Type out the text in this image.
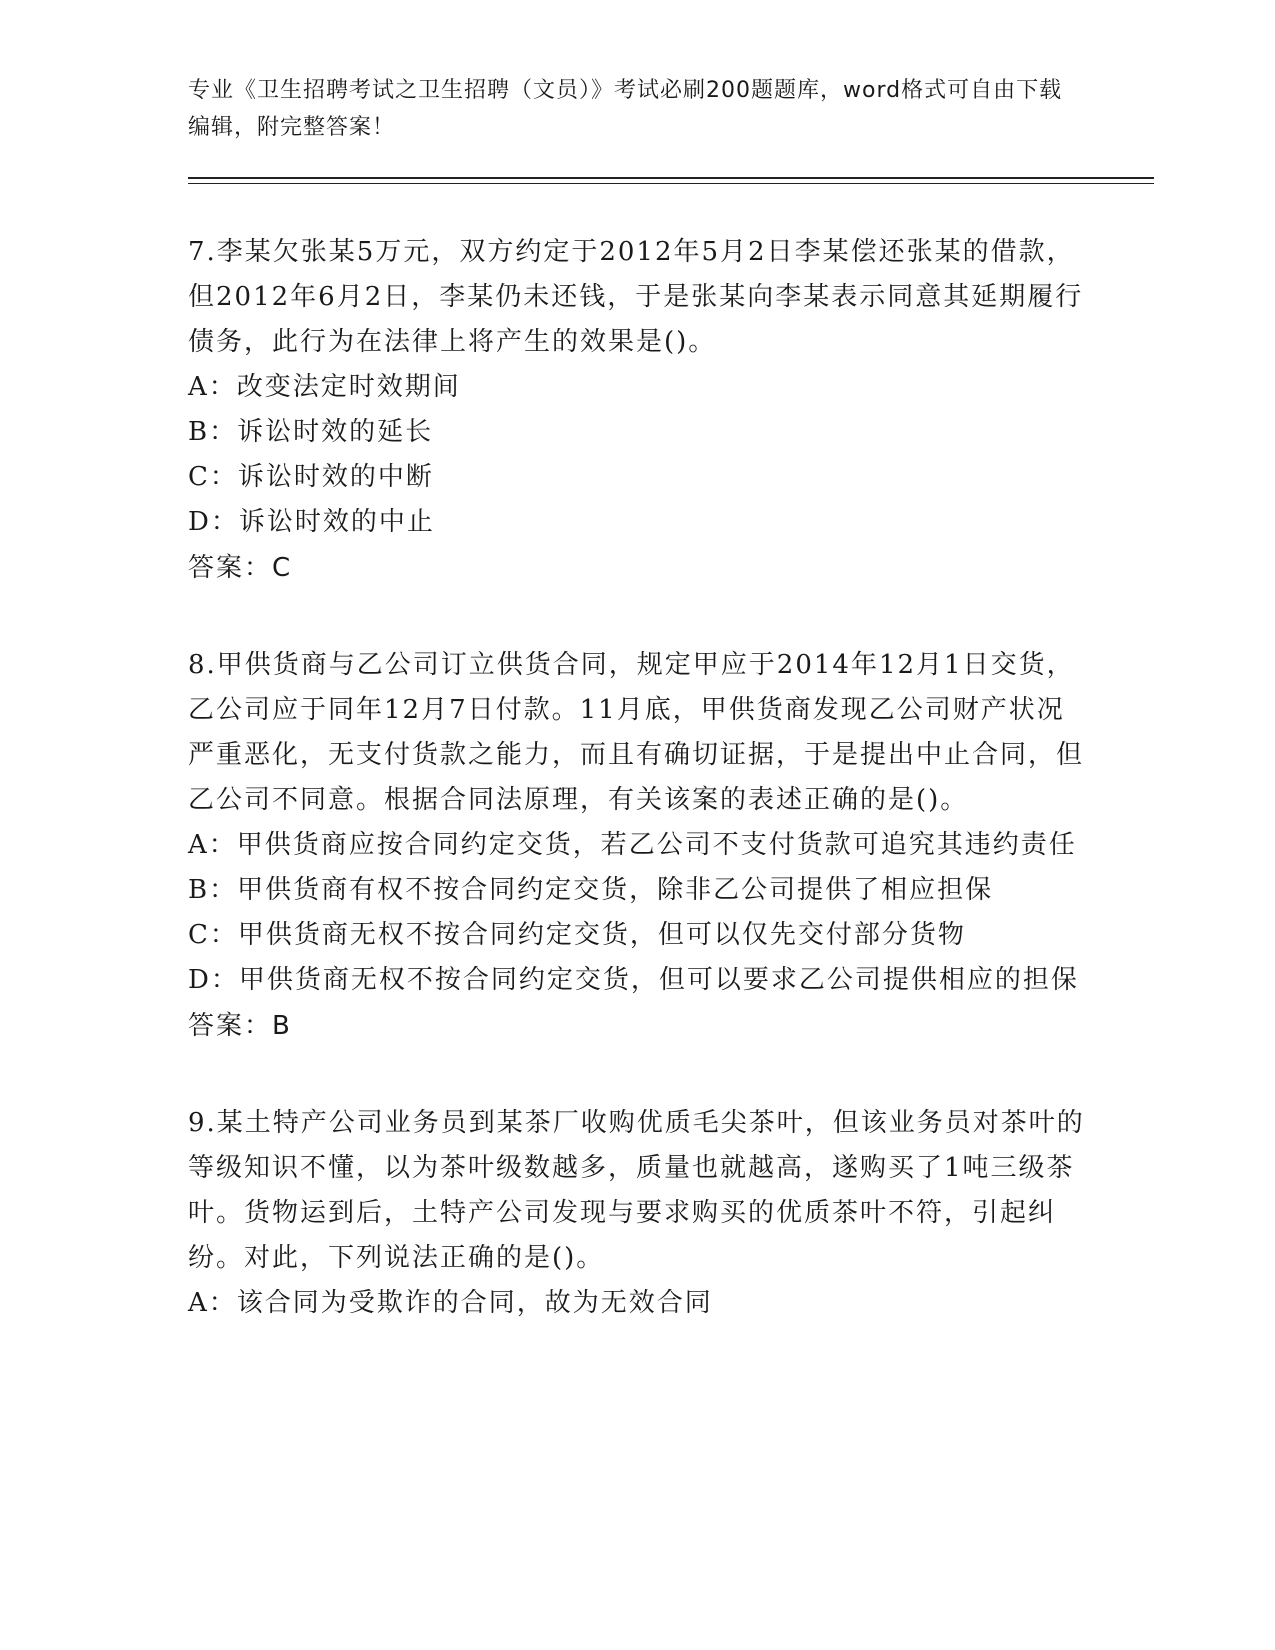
专业《卫生招聘考试之卫生招聘（文员）》考试必刷200题题库，word格式可自由下载编辑，附完整答案！
7.李某欠张某5万元，双方约定于2012年5月2日李某偿还张某的借款，但2012年6月2日，李某仍未还钱，于是张某向李某表示同意其延期履行债务，此行为在法律上将产生的效果是()。
A：改变法定时效期间
B：诉讼时效的延长
C：诉讼时效的中断
D：诉讼时效的中止
答案：C
8.甲供货商与乙公司订立供货合同，规定甲应于2014年12月1日交货，乙公司应于同年12月7日付款。11月底，甲供货商发现乙公司财产状况严重恶化，无支付货款之能力，而且有确切证据，于是提出中止合同，但乙公司不同意。根据合同法原理，有关该案的表述正确的是()。
A：甲供货商应按合同约定交货，若乙公司不支付货款可追究其违约责任
B：甲供货商有权不按合同约定交货，除非乙公司提供了相应担保
C：甲供货商无权不按合同约定交货，但可以仅先交付部分货物
D：甲供货商无权不按合同约定交货，但可以要求乙公司提供相应的担保
答案：B
9.某土特产公司业务员到某茶厂收购优质毛尖茶叶，但该业务员对茶叶的等级知识不懂，以为茶叶级数越多，质量也就越高，遂购买了1吨三级茶叶。货物运到后，土特产公司发现与要求购买的优质茶叶不符，引起纠纷。对此，下列说法正确的是()。
A：该合同为受欺诈的合同，故为无效合同
